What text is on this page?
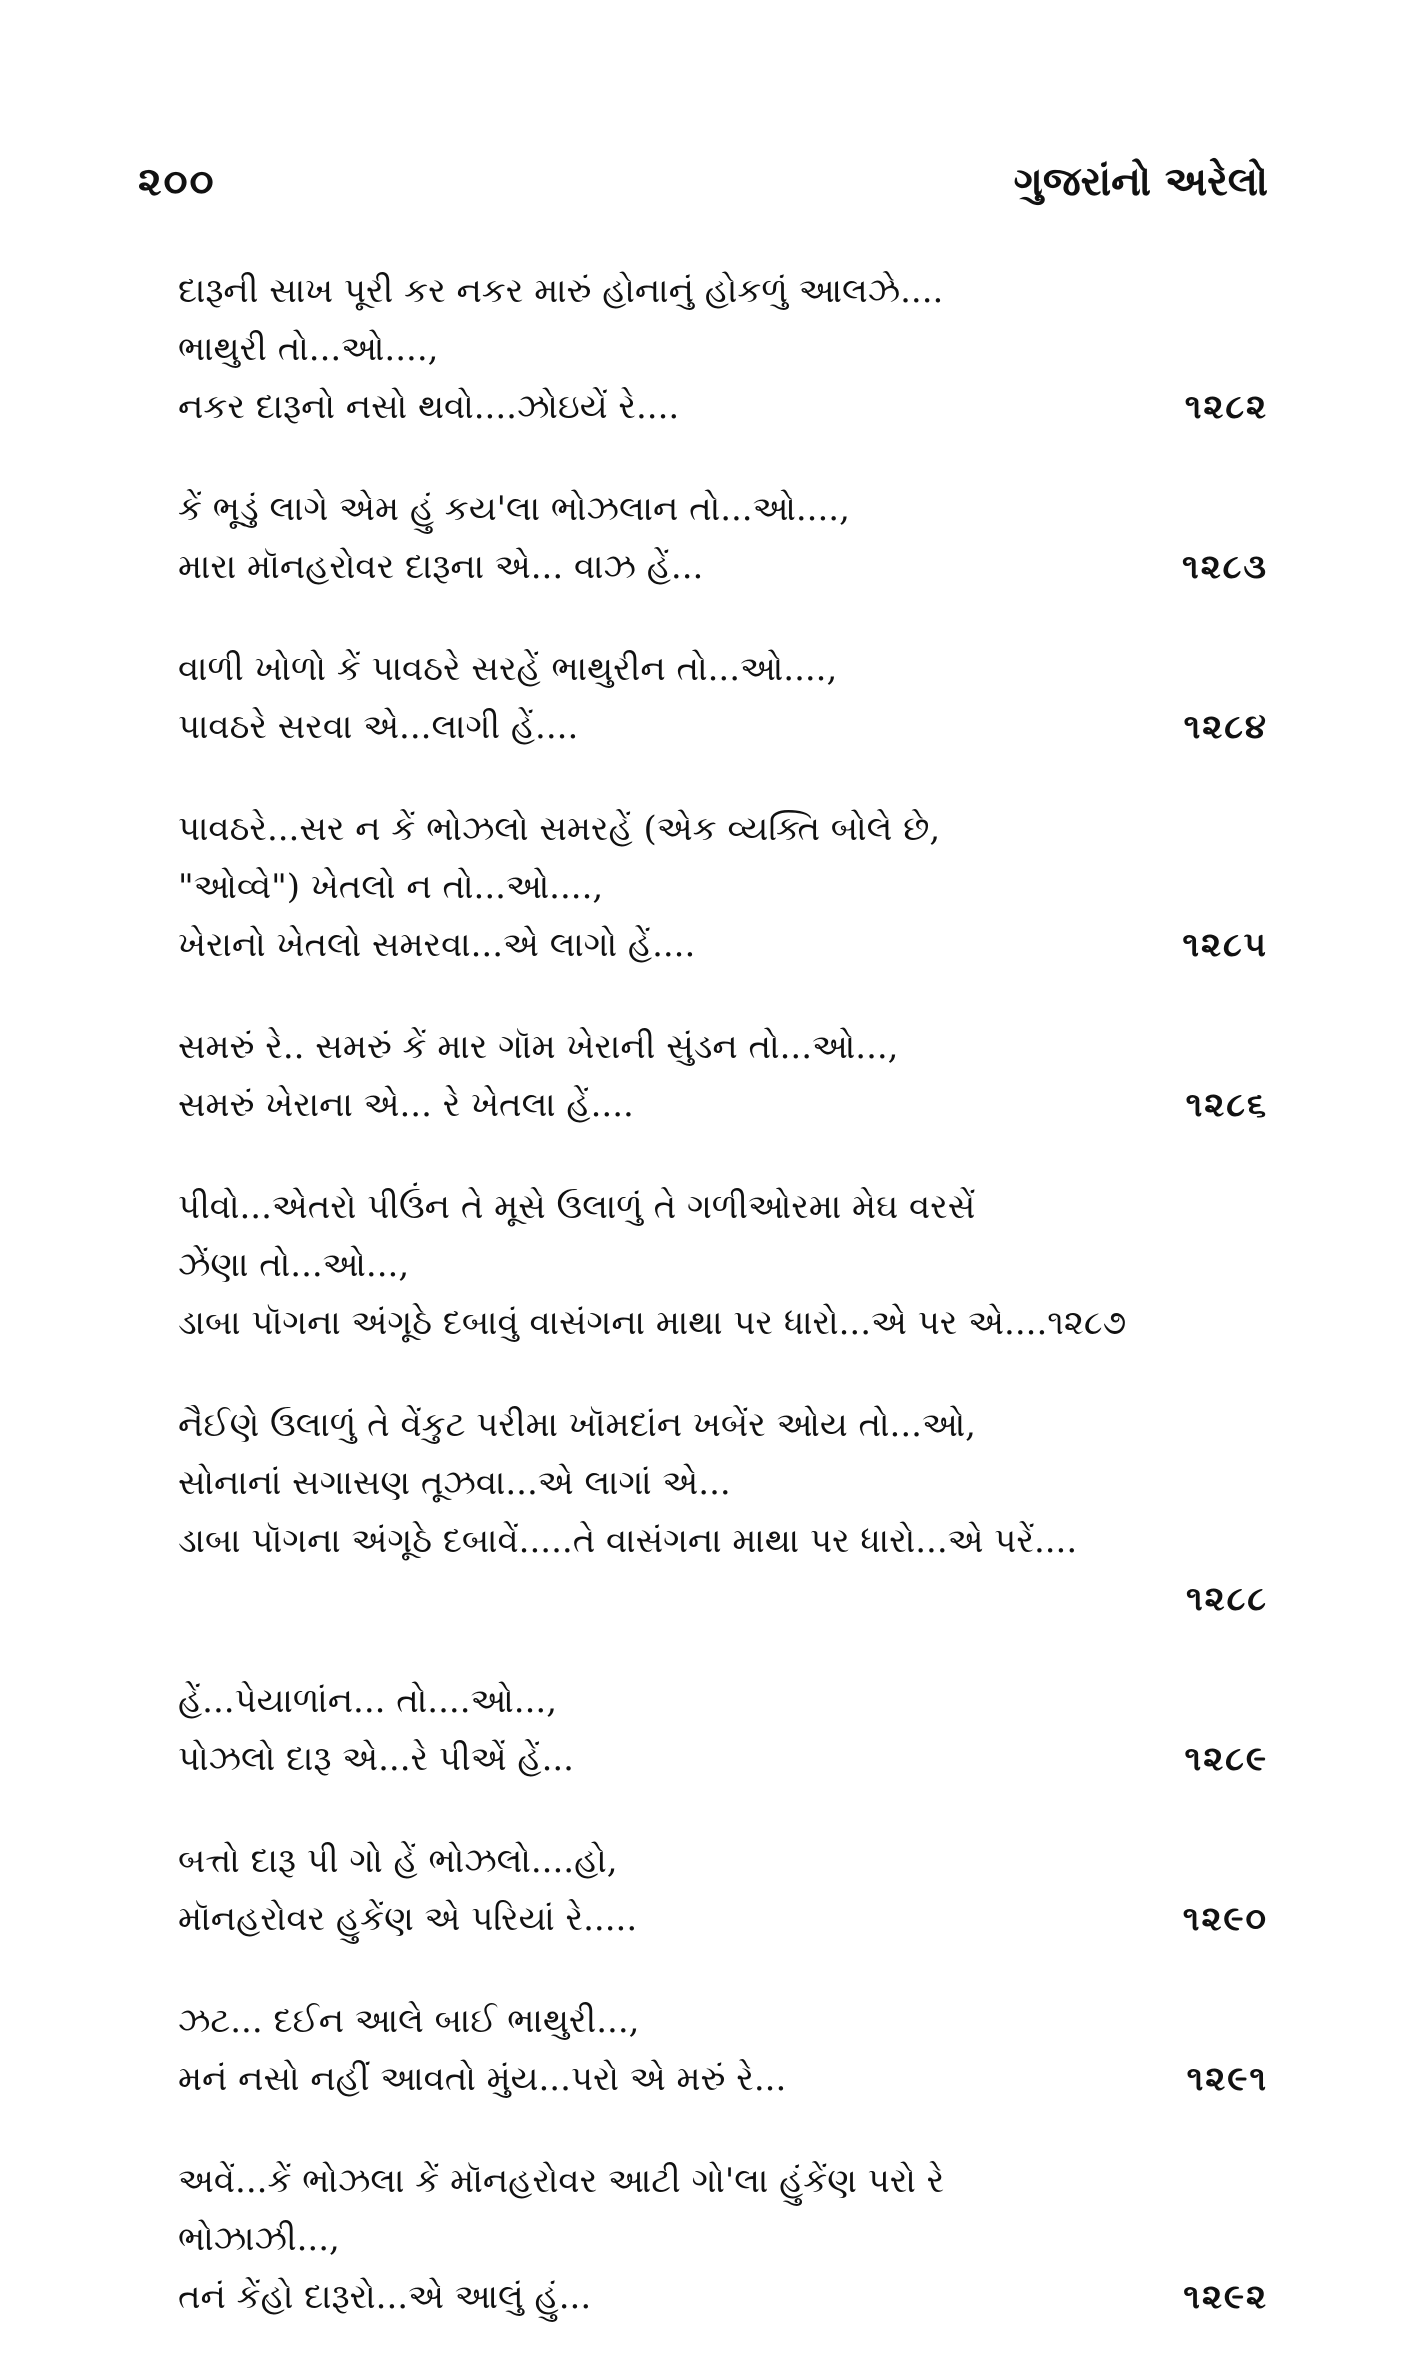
૨૦૦	ગુજરાંનો અરેલો
દારૂની સાખ પૂરી કર નકર મારું હોનાનું હોકળું આલઝે....
ભાથુરી તો...ઓ....,
નકર દારૂનો નસો થવો....ઝોઇયેં રે....	૧૨૮૨
કેં ભૂડું લાગે એમ હું કય'લા ભોઝલાન તો...ઓ....,
મારા મૉનહરોવર દારૂના એ... વાઝ હેં...	૧૨૮૩
વાળી ખોળો કેં પાવઠરે સરહેં ભાથુરીન તો...ઓ....,
પાવઠરે સરવા એ...લાગી હેં....	૧૨૮૪
પાવઠરે...સર ન કેં ભોઝલો સમરહેં (એક વ્યક્તિ બોલે છે,
"ઓવ્વે") ખેતલો ન તો...ઓ....,
ખેરાનો ખેતલો સમરવા...એ લાગો હેં....	૧૨૮૫
સમરું રે.. સમરું કેં માર ગૉમ ખેરાની સુંડન તો...ઓ...,
સમરું ખેરાના એ... રે ખેતલા હેં....	૧૨૮૬
પીવો...એતરો પીઉંન તે મૂસે ઉલાળું તે ગળીઓરમા મેઘ વરસેં
ઝેંણા તો...ઓ...,
ડાબા પૉગના અંગૂઠે દબાવું વાસંગના માથા પર ધારો...એ પર એ....૧૨૮૭
નૈઈણે ઉલાળું તે વેંકુટ પરીમા ખૉમદાંન ખબેંર ઓય તો...ઓ,
સોનાનાં સગાસણ તૂઝવા...એ લાગાં એ...
ડાબા પૉગના અંગૂઠે દબાવેં.....તે વાસંગના માથા પર ધારો...એ પરેં....
૧૨૮૮
હેં...પેયાળાંન... તો....ઓ...,
પોઝલો દારૂ એ...રે પીએં હેં...	૧૨૮૯
બત્તો દારૂ પી ગો હેં ભોઝલો....હો,
મૉનહરોવર હુકેંણ એ પરિયાં રે.....	૧૨૯૦
ઝટ... દઈન આલે બાઈ ભાથુરી...,
મનં નસો નહીં આવતો મુંય...પરો એ મરું રે...	૧૨૯૧
અવેં...કેં ભોઝલા કેં મૉનહરોવર આટી ગો'લા હુંકેંણ પરો રે
ભોઝાઝી...,
તનં કેંહો દારૂરો...એ આલું હું...	૧૨૯૨
